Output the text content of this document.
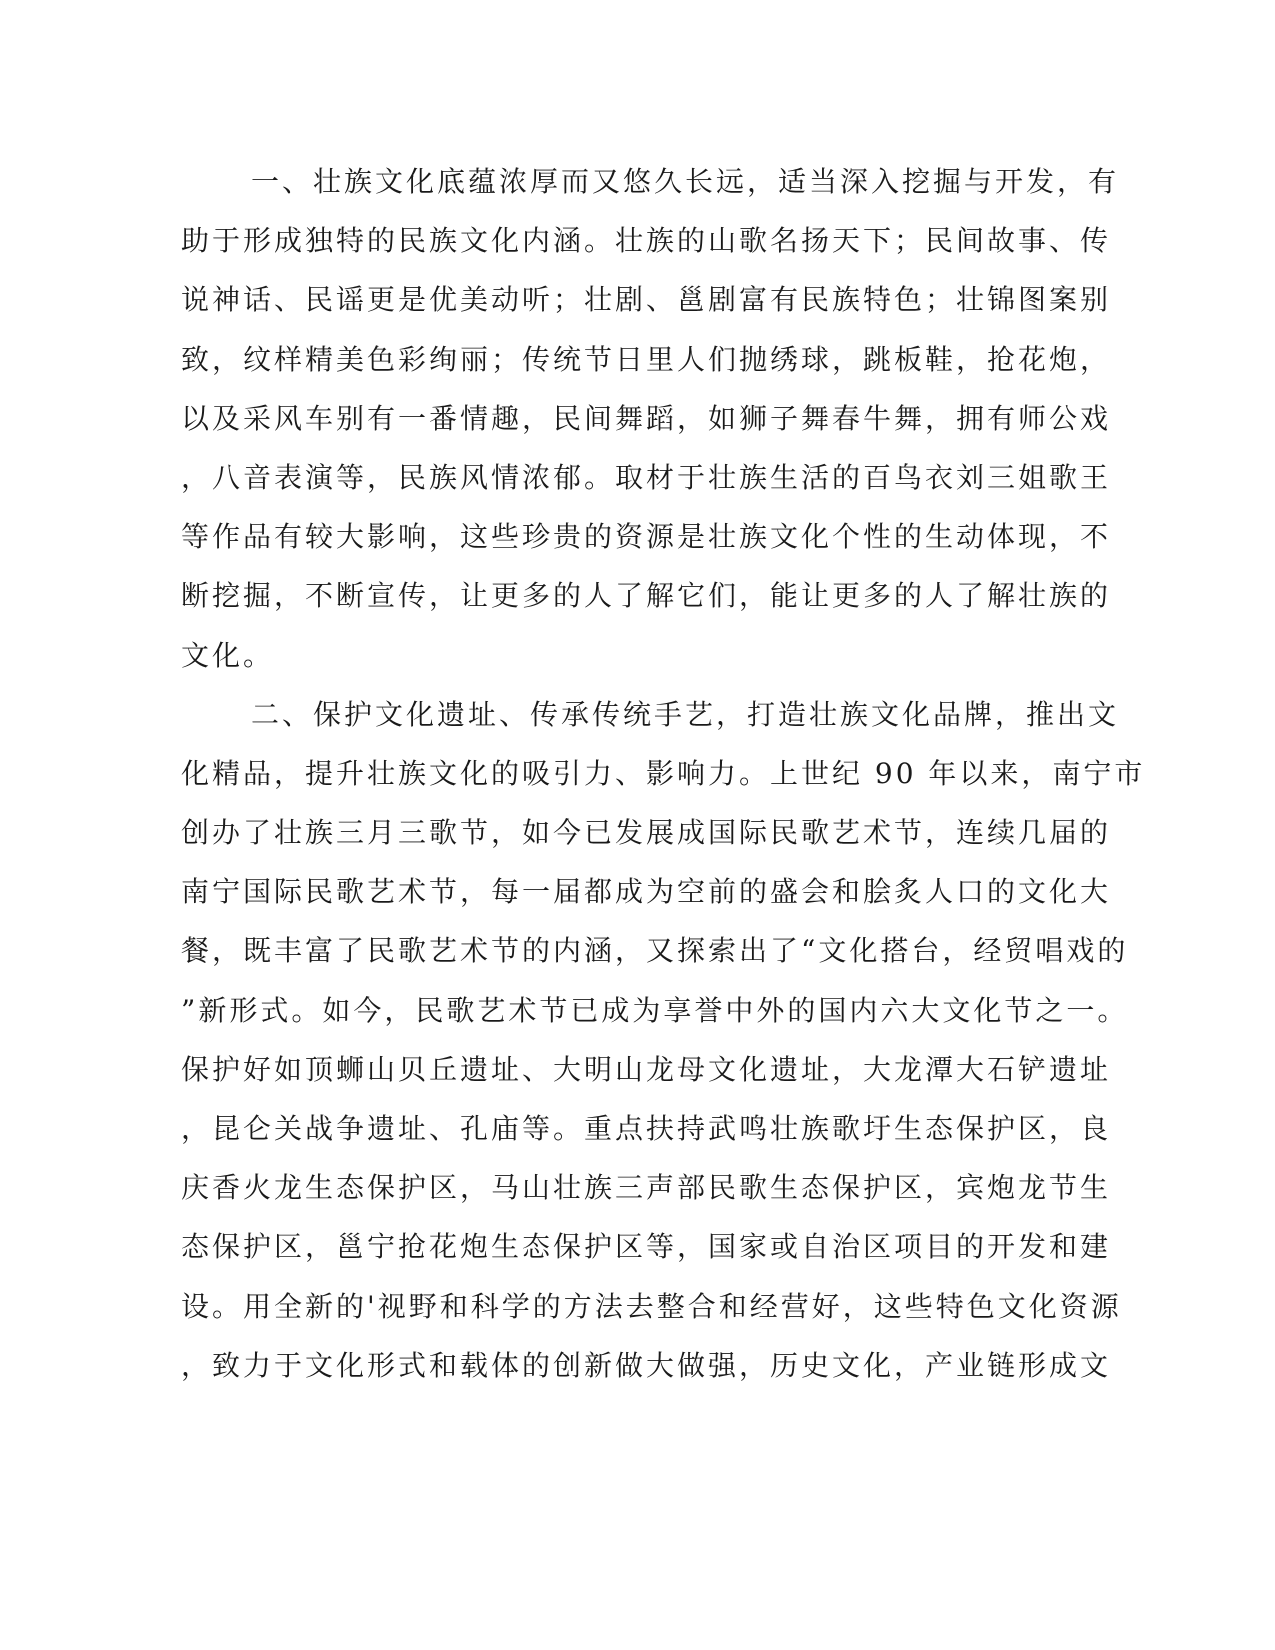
一、壮族文化底蕴浓厚而又悠久长远，适当深入挖掘与开发，有
助于形成独特的民族文化内涵。壮族的山歌名扬天下；民间故事、传
说神话、民谣更是优美动听；壮剧、邕剧富有民族特色；壮锦图案别
致，纹样精美色彩绚丽；传统节日里人们抛绣球，跳板鞋，抢花炮，
以及采风车别有一番情趣，民间舞蹈，如狮子舞春牛舞，拥有师公戏
，八音表演等，民族风情浓郁。取材于壮族生活的百鸟衣刘三姐歌王
等作品有较大影响，这些珍贵的资源是壮族文化个性的生动体现，不
断挖掘，不断宣传，让更多的人了解它们，能让更多的人了解壮族的
文化。
二、保护文化遗址、传承传统手艺，打造壮族文化品牌，推出文
化精品，提升壮族文化的吸引力、影响力。上世纪 90 年以来，南宁市
创办了壮族三月三歌节，如今已发展成国际民歌艺术节，连续几届的
南宁国际民歌艺术节，每一届都成为空前的盛会和脍炙人口的文化大
餐，既丰富了民歌艺术节的内涵，又探索出了“文化搭台，经贸唱戏的
”新形式。如今，民歌艺术节已成为享誉中外的国内六大文化节之一。
保护好如顶蛳山贝丘遗址、大明山龙母文化遗址，大龙潭大石铲遗址
，昆仑关战争遗址、孔庙等。重点扶持武鸣壮族歌圩生态保护区，良
庆香火龙生态保护区，马山壮族三声部民歌生态保护区，宾炮龙节生
态保护区，邕宁抢花炮生态保护区等，国家或自治区项目的开发和建
设。用全新的'视野和科学的方法去整合和经营好，这些特色文化资源
，致力于文化形式和载体的创新做大做强，历史文化，产业链形成文
